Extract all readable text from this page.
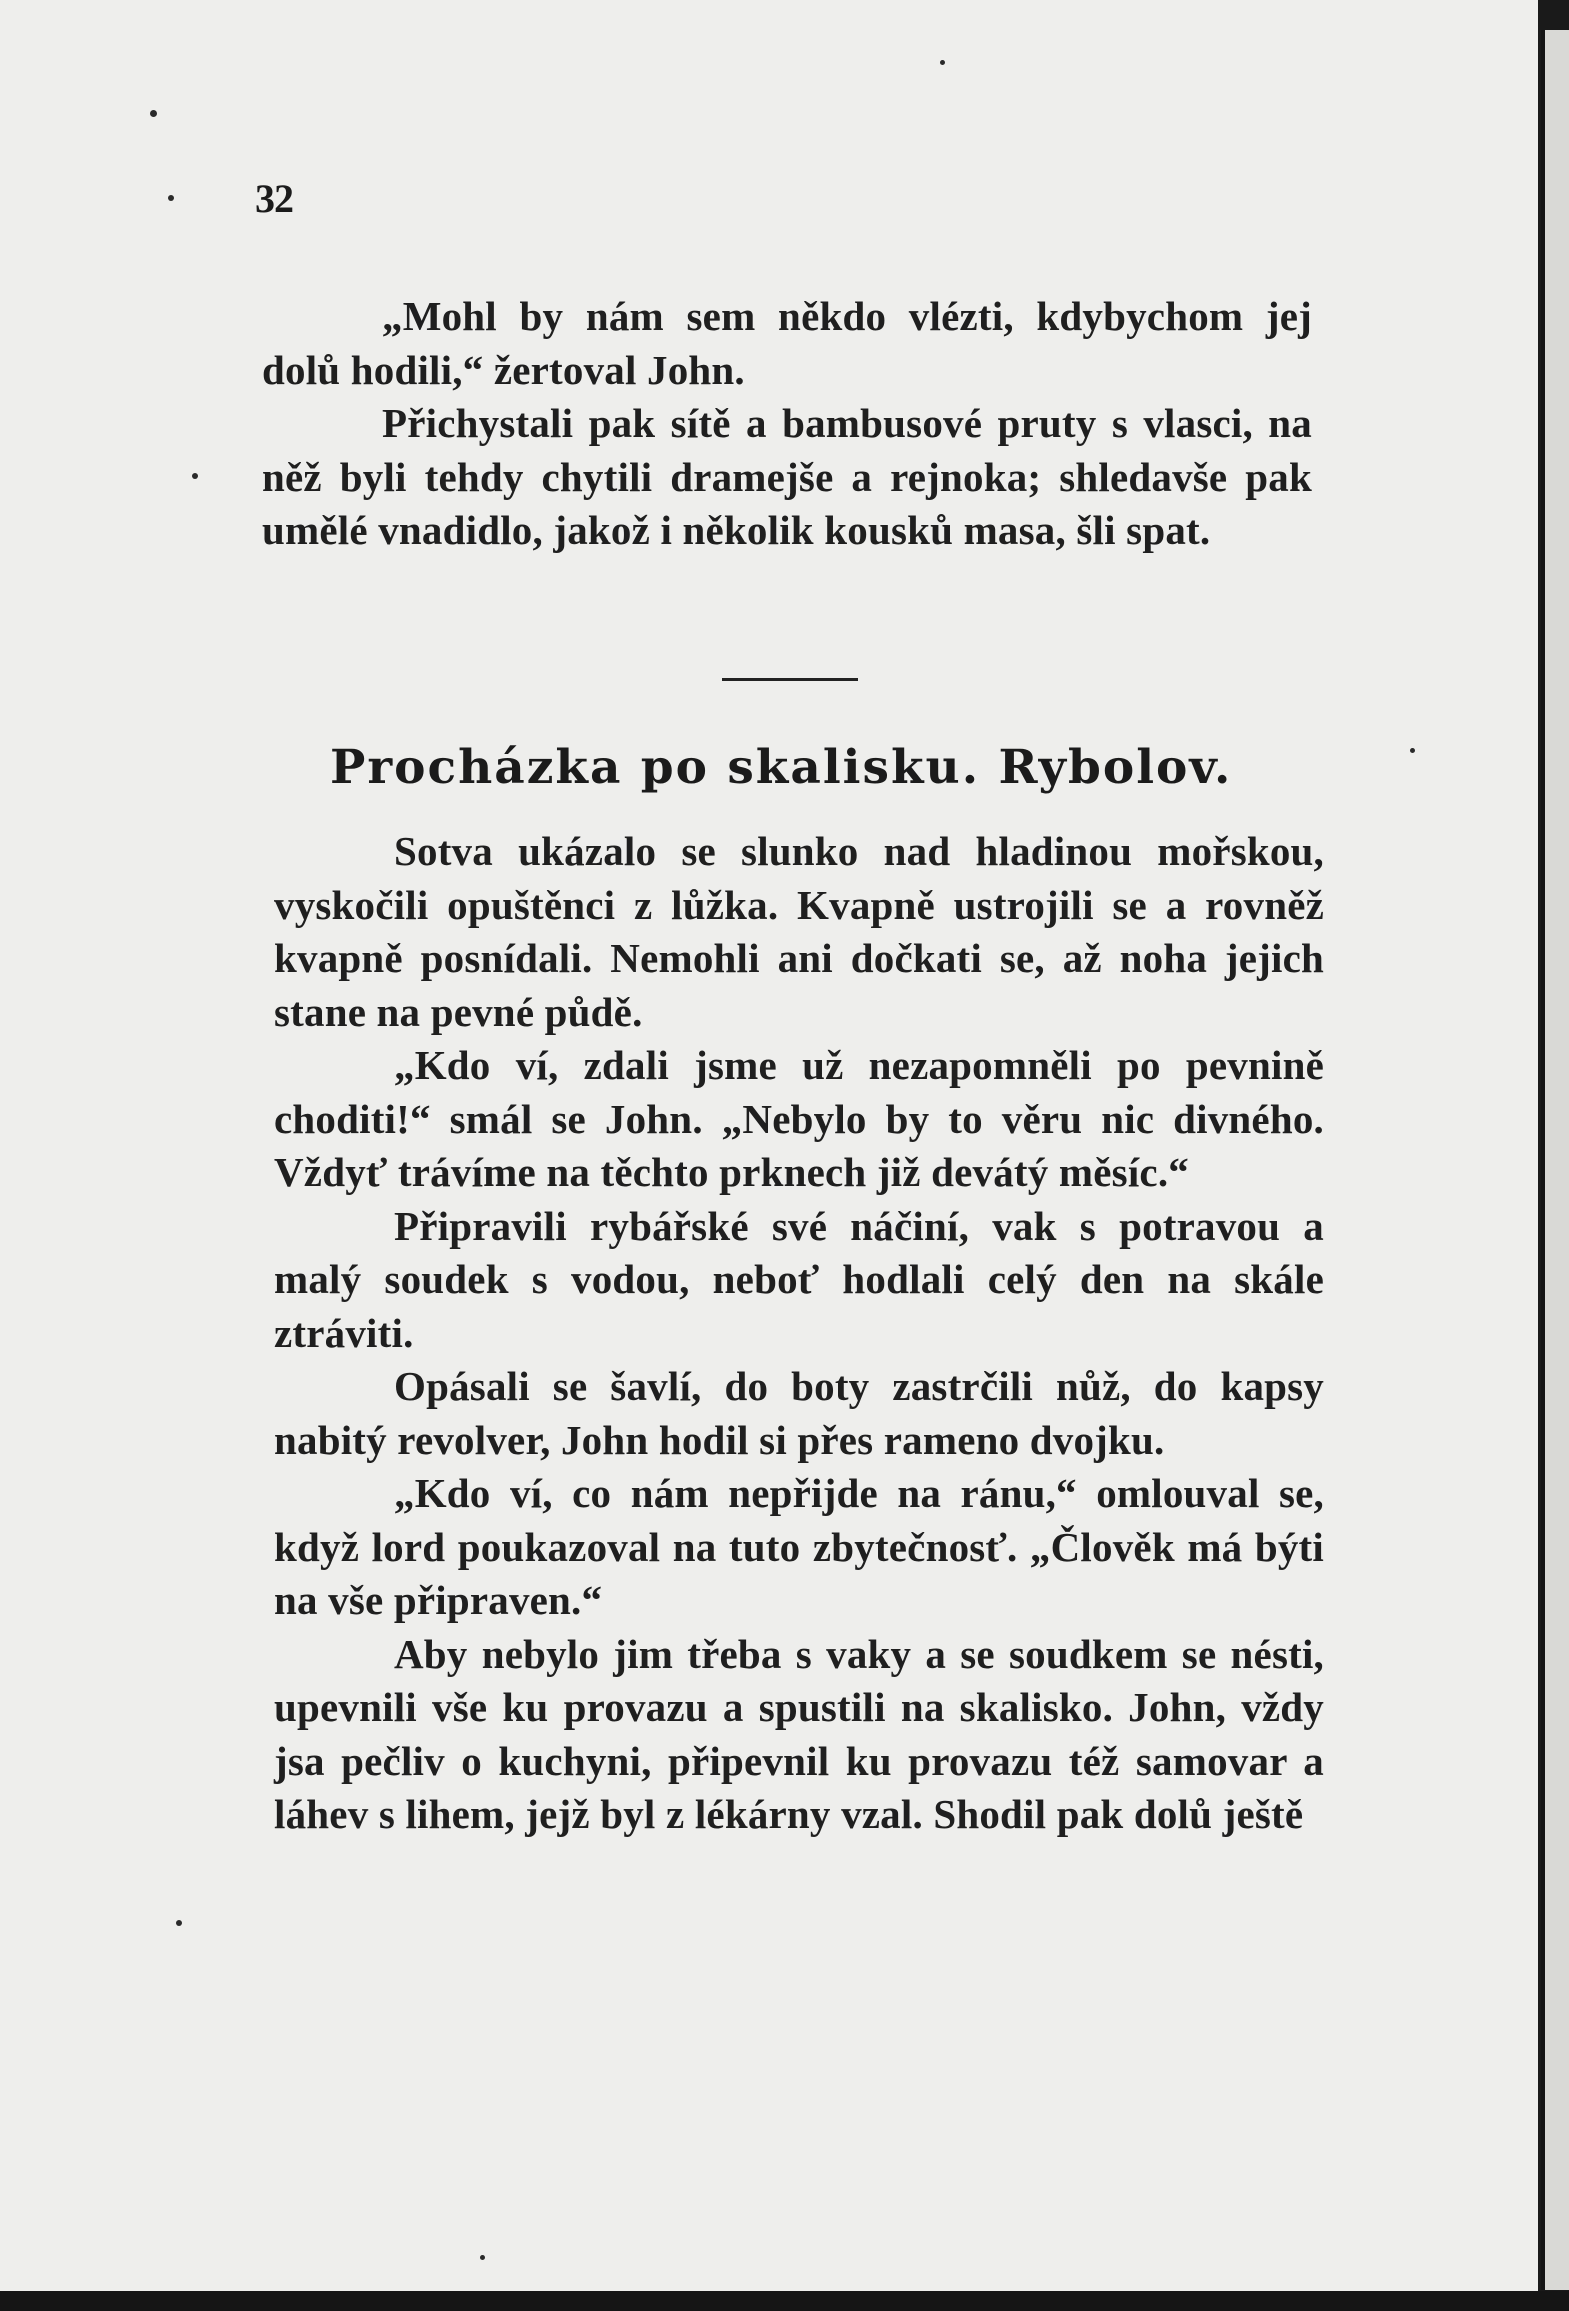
32

„Mohl by nám sem někdo vlézti, kdybychom jej dolů hodili,“ žertoval John.

Přichystali pak sítě a bambusové pruty s vlasci, na něž byli tehdy chytili dramejše a rejnoka; shledavše pak umělé vnadidlo, jakož i několik kousků masa, šli spat.

Procházka po skalisku. Rybolov.

Sotva ukázalo se slunko nad hladinou mořskou, vyskočili opuštěnci z lůžka. Kvapně ustrojili se a rovněž kvapně posnídali. Nemohli ani dočkati se, až noha jejich stane na pevné půdě.

„Kdo ví, zdali jsme už nezapomněli po pevnině choditi!“ smál se John. „Nebylo by to věru nic divného. Vždyť trávíme na těchto prknech již devátý měsíc.“

Připravili rybářské své náčiní, vak s potravou a malý soudek s vodou, neboť hodlali celý den na skále ztráviti.

Opásali se šavlí, do boty zastrčili nůž, do kapsy nabitý revolver, John hodil si přes rameno dvojku.

„Kdo ví, co nám nepřijde na ránu,“ omlouval se, když lord poukazoval na tuto zbytečnosť. „Člověk má býti na vše připraven.“

Aby nebylo jim třeba s vaky a se soudkem se nésti, upevnili vše ku provazu a spustili na skalisko. John, vždy jsa pečliv o kuchyni, připevnil ku provazu též samovar a láhev s lihem, jejž byl z lékárny vzal. Shodil pak dolů ještě
